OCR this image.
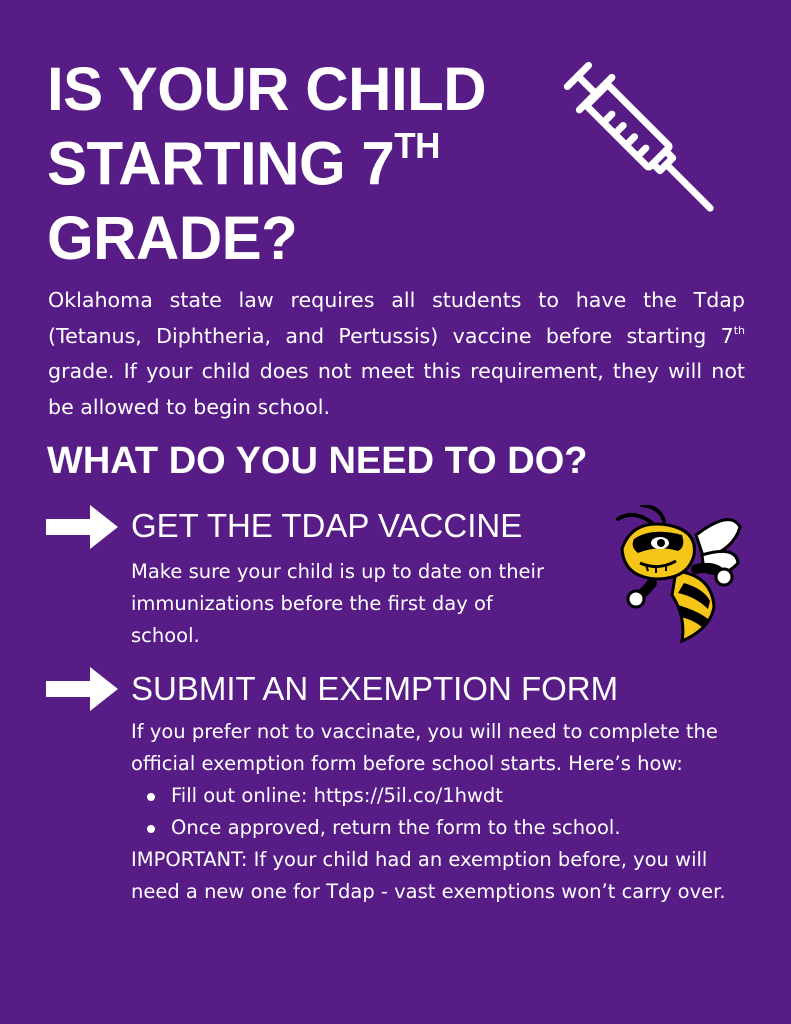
IS YOUR CHILD
STARTING 7TH
GRADE?

Oklahoma state law requires all students to have the Tdap (Tetanus, Diphtheria, and Pertussis) vaccine before starting 7th grade. If your child does not meet this requirement, they will not be allowed to begin school.

WHAT DO YOU NEED TO DO?
GET THE TDAP VACCINE

Make sure your child is up to date on their immunizations before the first day of school.

SUBMIT AN EXEMPTION FORM

If you prefer not to vaccinate, you will need to complete the official exemption form before school starts. Here’s how:

Fill out online: https://5il.co/1hwdt
Once approved, return the form to the school.

IMPORTANT: If your child had an exemption before, you will need a new one for Tdap - vast exemptions won’t carry over.
